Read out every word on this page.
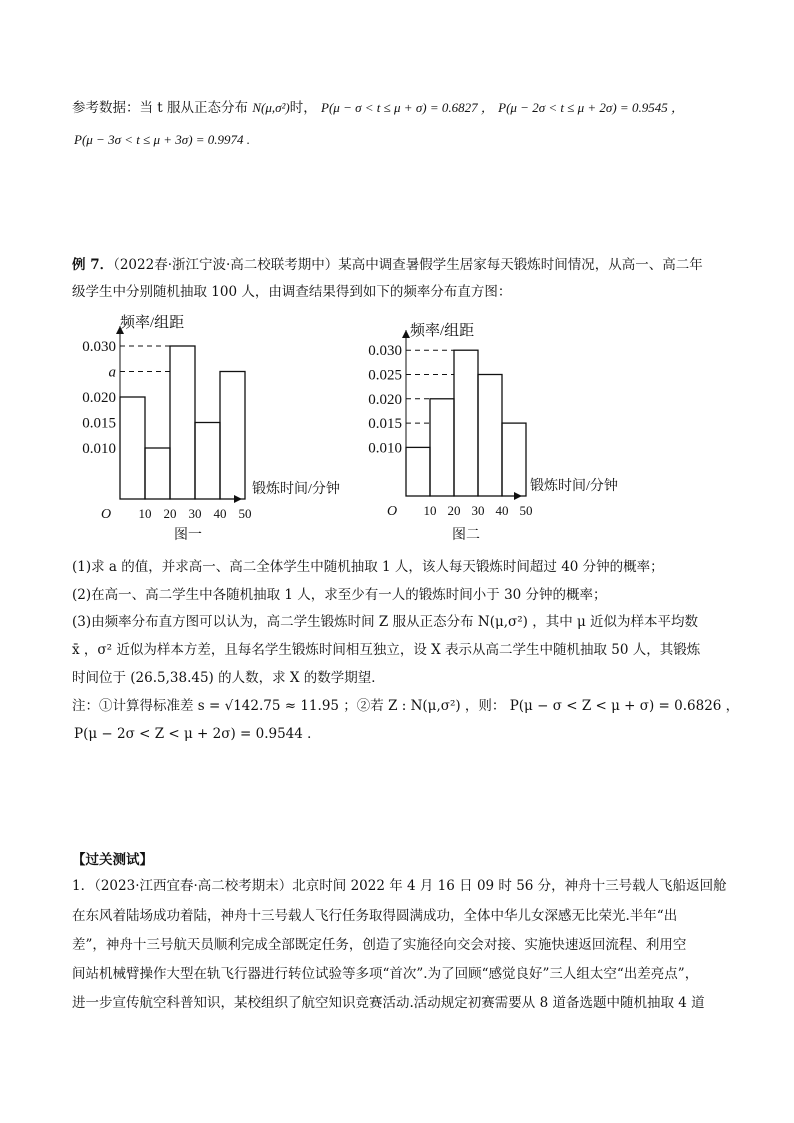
参考数据：当 t 服从正态分布 N(μ,σ²)时， P(μ − σ < t ≤ μ + σ) = 0.6827 ， P(μ − 2σ < t ≤ μ + 2σ) = 0.9545 ，
P(μ − 3σ < t ≤ μ + 3σ) = 0.9974 .
例 7．（2022春·浙江宁波·高二校联考期中）某高中调查暑假学生居家每天锻炼时间情况，从高一、高二年
级学生中分别随机抽取 100 人，由调查结果得到如下的频率分布直方图：
0.010
0.015
0.020
a
0.030
10 20 30 40 50
O
频率/组距
锻炼时间/分钟
图一
0.010
0.015
0.020
0.025
0.030
10 20 30 40 50
O
频率/组距
锻炼时间/分钟
图二
(1)求 a 的值，并求高一、高二全体学生中随机抽取 1 人，该人每天锻炼时间超过 40 分钟的概率；
(2)在高一、高二学生中各随机抽取 1 人，求至少有一人的锻炼时间小于 30 分钟的概率；
(3)由频率分布直方图可以认为，高二学生锻炼时间 Z 服从正态分布 N(μ,σ²) ，其中 μ 近似为样本平均数
x̄ ，σ² 近似为样本方差，且每名学生锻炼时间相互独立，设 X 表示从高二学生中随机抽取 50 人，其锻炼
时间位于 (26.5,38.45) 的人数，求 X 的数学期望．
注：①计算得标准差 s = √142.75 ≈ 11.95 ；②若 Z : N(μ,σ²) ，则： P(μ − σ < Z < μ + σ) = 0.6826 ，
P(μ − 2σ < Z < μ + 2σ) = 0.9544 ．
【过关测试】
1．（2023·江西宜春·高二校考期末）北京时间 2022 年 4 月 16 日 09 时 56 分，神舟十三号载人飞船返回舱
在东风着陆场成功着陆，神舟十三号载人飞行任务取得圆满成功，全体中华儿女深感无比荣光.半年“出
差”，神舟十三号航天员顺利完成全部既定任务，创造了实施径向交会对接、实施快速返回流程、利用空
间站机械臂操作大型在轨飞行器进行转位试验等多项“首次”.为了回顾“感觉良好”三人组太空“出差亮点”，
进一步宣传航空科普知识，某校组织了航空知识竞赛活动.活动规定初赛需要从 8 道备选题中随机抽取 4 道
